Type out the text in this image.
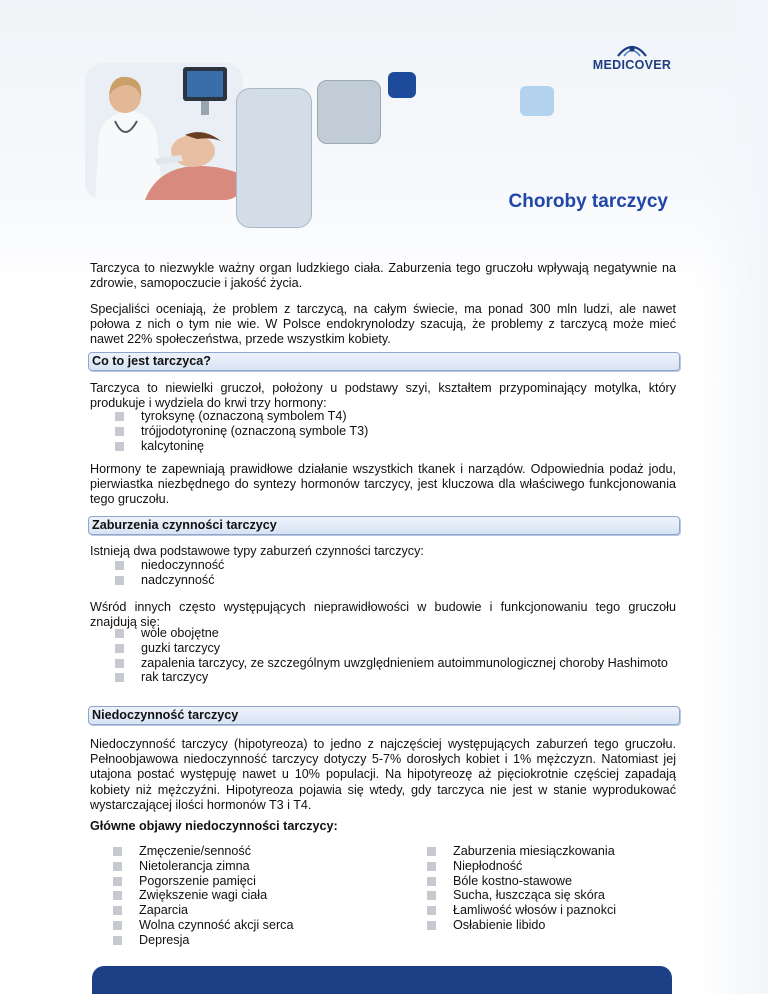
MEDICOVER
Choroby tarczycy

Tarczyca to niezwykle ważny organ ludzkiego ciała. Zaburzenia tego gruczołu wpływają negatywnie na zdrowie, samopoczucie i jakość życia.

Specjaliści oceniają, że problem z tarczycą, na całym świecie, ma ponad 300 mln ludzi, ale nawet połowa z nich o tym nie wie. W Polsce endokrynolodzy szacują, że problemy z tarczycą może mieć nawet 22% społeczeństwa, przede wszystkim kobiety.

Co to jest tarczyca?

Tarczyca to niewielki gruczoł, położony u podstawy szyi, kształtem przypominający motylka, który produkuje i wydziela do krwi trzy hormony:

tyroksynę (oznaczoną symbolem T4)
trójjodotyroninę (oznaczoną symbole T3)
kalcytoninę

Hormony te zapewniają prawidłowe działanie wszystkich tkanek i narządów. Odpowiednia podaż jodu, pierwiastka niezbędnego do syntezy hormonów tarczycy, jest kluczowa dla właściwego funkcjonowania tego gruczołu.

Zaburzenia czynności tarczycy

Istnieją dwa podstawowe typy zaburzeń czynności tarczycy:

niedoczynność
nadczynność

Wśród innych często występujących nieprawidłowości w budowie i funkcjonowaniu tego gruczołu znajdują się:

wole obojętne
guzki tarczycy
zapalenia tarczycy, ze szczególnym uwzględnieniem autoimmunologicznej choroby Hashimoto
rak tarczycy
Niedoczynność tarczycy

Niedoczynność tarczycy (hipotyreoza) to jedno z najczęściej występujących zaburzeń tego gruczołu. Pełnoobjawowa niedoczynność tarczycy dotyczy 5-7% dorosłych kobiet i 1% mężczyzn. Natomiast jej utajona postać występuję nawet u 10% populacji. Na hipotyreozę aż pięciokrotnie częściej zapadają kobiety niż mężczyźni. Hipotyreoza pojawia się wtedy, gdy tarczyca nie jest w stanie wyprodukować wystarczającej ilości hormonów T3 i T4.

Główne objawy niedoczynności tarczycy:
Zmęczenie/senność
Nietolerancja zimna
Pogorszenie pamięci
Zwiększenie wagi ciała
Zaparcia
Wolna czynność akcji serca
Depresja
Zaburzenia miesiączkowania
Niepłodność
Bóle kostno-stawowe
Sucha, łuszcząca się skóra
Łamliwość włosów i paznokci
Osłabienie libido
